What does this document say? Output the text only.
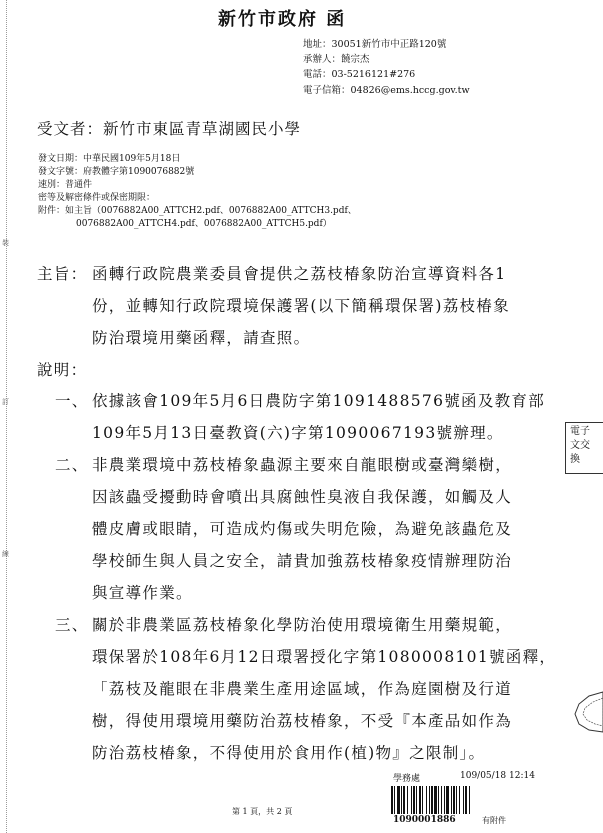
裝
訂
線
新竹市政府 函
地址：30051新竹市中正路120號
承辦人：饒宗杰
電話：03-5216121#276
電子信箱：04826@ems.hccg.gov.tw
受文者：新竹市東區青草湖國民小學
發文日期：中華民國109年5月18日
發文字號：府教體字第1090076882號
速別：普通件
密等及解密條件或保密期限：
附件：如主旨（0076882A00_ATTCH2.pdf、0076882A00_ATTCH3.pdf、
0076882A00_ATTCH4.pdf、0076882A00_ATTCH5.pdf）
主旨： 函轉行政院農業委員會提供之荔枝椿象防治宣導資料各1
份，並轉知行政院環境保護署(以下簡稱環保署)荔枝椿象
防治環境用藥函釋，請查照。
說明：
一、 依據該會109年5月6日農防字第1091488576號函及教育部
109年5月13日臺教資(六)字第1090067193號辦理。
二、 非農業環境中荔枝椿象蟲源主要來自龍眼樹或臺灣欒樹，
因該蟲受擾動時會噴出具腐蝕性臭液自我保護，如觸及人
體皮膚或眼睛，可造成灼傷或失明危險，為避免該蟲危及
學校師生與人員之安全，請貴加強荔枝椿象疫情辦理防治
與宣導作業。
三、 關於非農業區荔枝椿象化學防治使用環境衛生用藥規範，
環保署於108年6月12日環署授化字第1080008101號函釋，
「荔枝及龍眼在非農業生產用途區域，作為庭園樹及行道
樹，得使用環境用藥防治荔枝椿象，不受『本產品如作為
防治荔枝椿象，不得使用於食用作(植)物』之限制」。
電子
文交
換
第 1 頁，共 2 頁
學務處	109/05/18 12:14
1090001886	有附件
